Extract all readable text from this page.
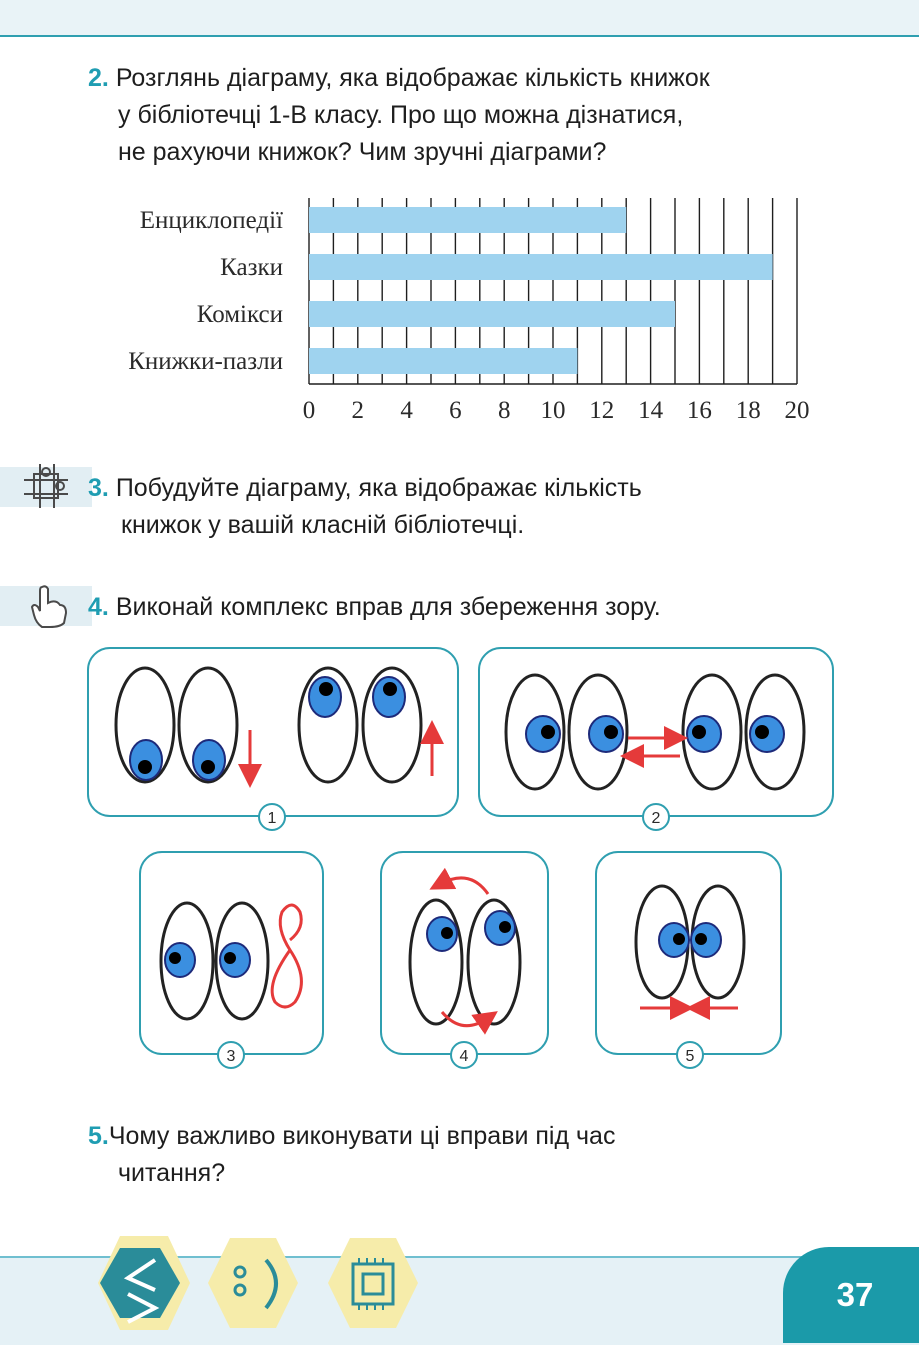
2. Розглянь діаграму, яка відображає кількість книжок
у бібліотечці 1-В класу. Про що можна дізнатися,
не рахуючи книжок? Чим зручні діаграми?
Енциклопедії
Казки
Комікси
Книжки-пазли
0 2 4 6 8 10 12 14 16 18 20
3. Побудуйте діаграму, яка відображає кількість
книжок у вашій класній бібліотечці.
4. Виконай комплекс вправ для збереження зору.
1	2
3	4	5
5.Чому важливо виконувати ці вправи під час
читання?
37
